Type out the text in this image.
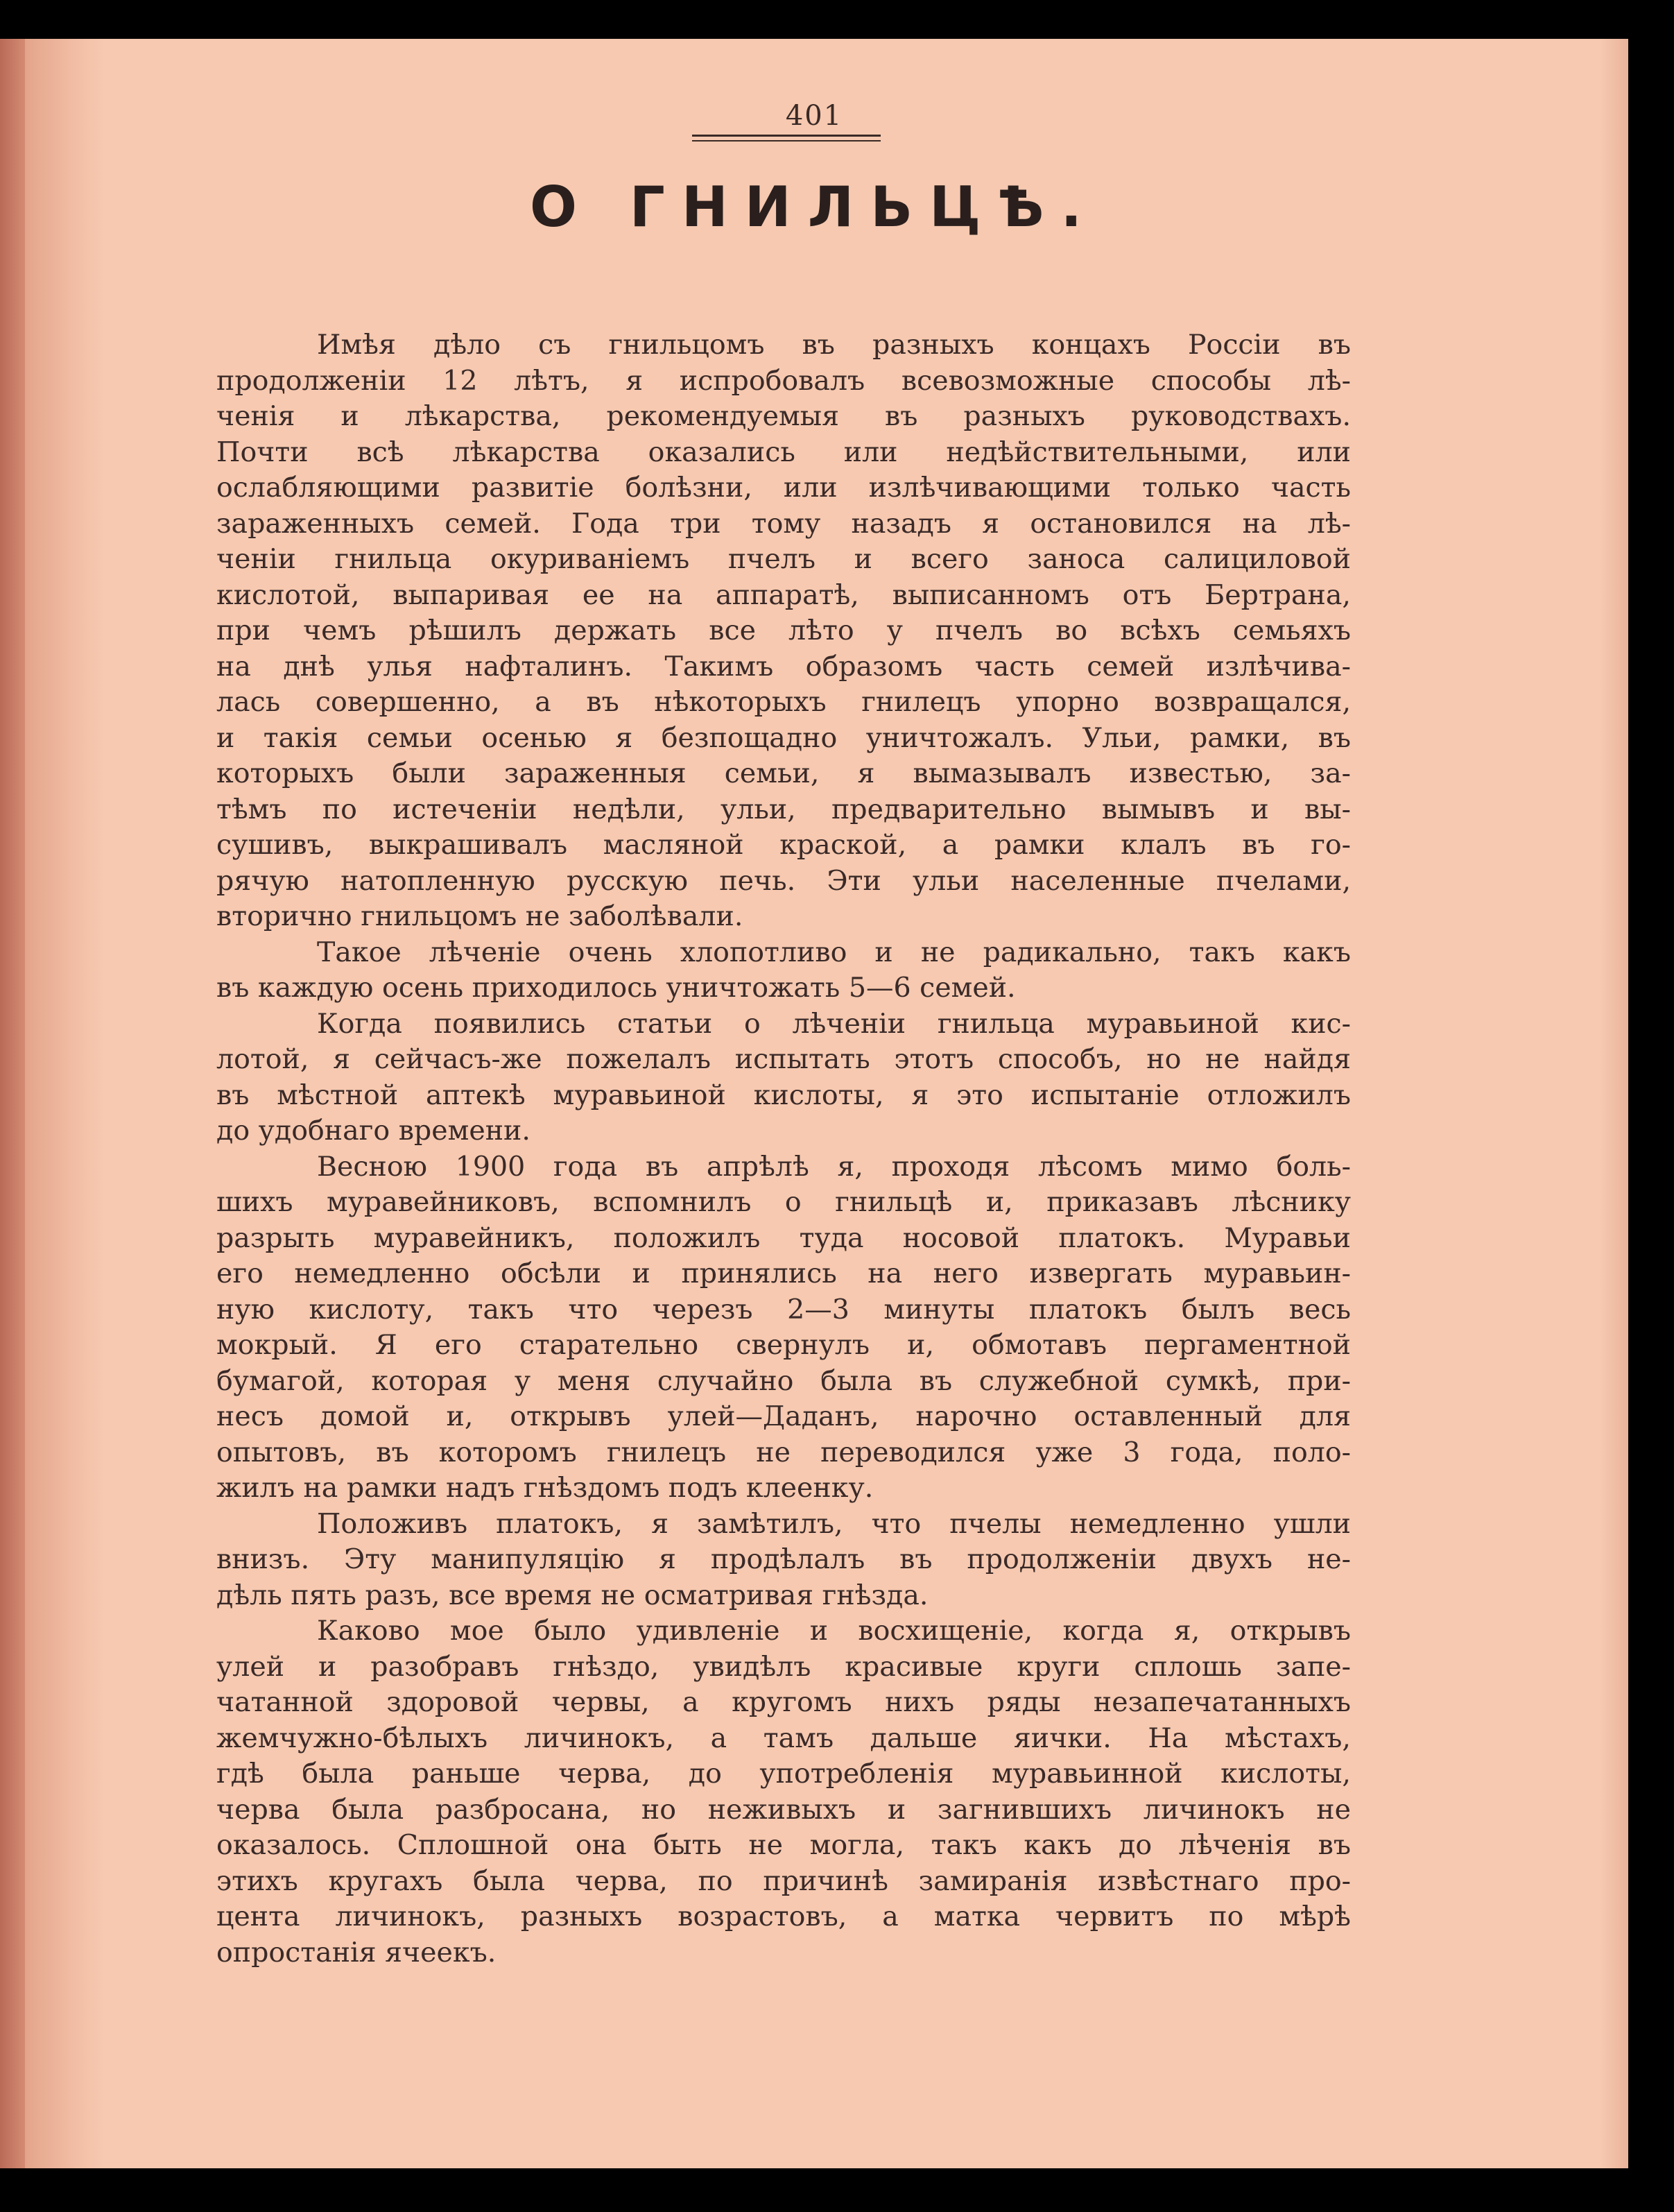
401
О ГНИЛЬЦѢ.
Имѣя дѣло съ гнильцомъ въ разныхъ концахъ Россіи въ
продолженіи 12 лѣтъ, я испробовалъ всевозможные способы лѣ-
ченія и лѣкарства, рекомендуемыя въ разныхъ руководствахъ.
Почти всѣ лѣкарства оказались или недѣйствительными, или
ослабляющими развитіе болѣзни, или излѣчивающими только часть
зараженныхъ семей. Года три тому назадъ я остановился на лѣ-
ченіи гнильца окуриваніемъ пчелъ и всего заноса салициловой
кислотой, выпаривая ее на аппаратѣ, выписанномъ отъ Бертрана,
при чемъ рѣшилъ держать все лѣто у пчелъ во всѣхъ семьяхъ
на днѣ улья нафталинъ. Такимъ образомъ часть семей излѣчива-
лась совершенно, а въ нѣкоторыхъ гнилецъ упорно возвращался,
и такія семьи осенью я безпощадно уничтожалъ. Ульи, рамки, въ
которыхъ были зараженныя семьи, я вымазывалъ известью, за-
тѣмъ по истеченіи недѣли, ульи, предварительно вымывъ и вы-
сушивъ, выкрашивалъ масляной краской, а рамки клалъ въ го-
рячую натопленную русскую печь. Эти ульи населенные пчелами,
вторично гнильцомъ не заболѣвали.
Такое лѣченіе очень хлопотливо и не радикально, такъ какъ
въ каждую осень приходилось уничтожать 5—6 семей.
Когда появились статьи о лѣченіи гнильца муравьиной кис-
лотой, я сейчасъ-же пожелалъ испытать этотъ способъ, но не найдя
въ мѣстной аптекѣ муравьиной кислоты, я это испытаніе отложилъ
до удобнаго времени.
Весною 1900 года въ апрѣлѣ я, проходя лѣсомъ мимо боль-
шихъ муравейниковъ, вспомнилъ о гнильцѣ и, приказавъ лѣснику
разрыть муравейникъ, положилъ туда носовой платокъ. Муравьи
его немедленно обсѣли и принялись на него извергать муравьин-
ную кислоту, такъ что черезъ 2—3 минуты платокъ былъ весь
мокрый. Я его старательно свернулъ и, обмотавъ пергаментной
бумагой, которая у меня случайно была въ служебной сумкѣ, при-
несъ домой и, открывъ улей—Даданъ, нарочно оставленный для
опытовъ, въ которомъ гнилецъ не переводился уже 3 года, поло-
жилъ на рамки надъ гнѣздомъ подъ клеенку.
Положивъ платокъ, я замѣтилъ, что пчелы немедленно ушли
внизъ. Эту манипуляцію я продѣлалъ въ продолженіи двухъ не-
дѣль пять разъ, все время не осматривая гнѣзда.
Каково мое было удивленіе и восхищеніе, когда я, открывъ
улей и разобравъ гнѣздо, увидѣлъ красивые круги сплошь запе-
чатанной здоровой червы, а кругомъ нихъ ряды незапечатанныхъ
жемчужно-бѣлыхъ личинокъ, а тамъ дальше яички. На мѣстахъ,
гдѣ была раньше черва, до употребленія муравьинной кислоты,
черва была разбросана, но неживыхъ и загнившихъ личинокъ не
оказалось. Сплошной она быть не могла, такъ какъ до лѣченія въ
этихъ кругахъ была черва, по причинѣ замиранія извѣстнаго про-
цента личинокъ, разныхъ возрастовъ, а матка червитъ по мѣрѣ
опростанія ячеекъ.
